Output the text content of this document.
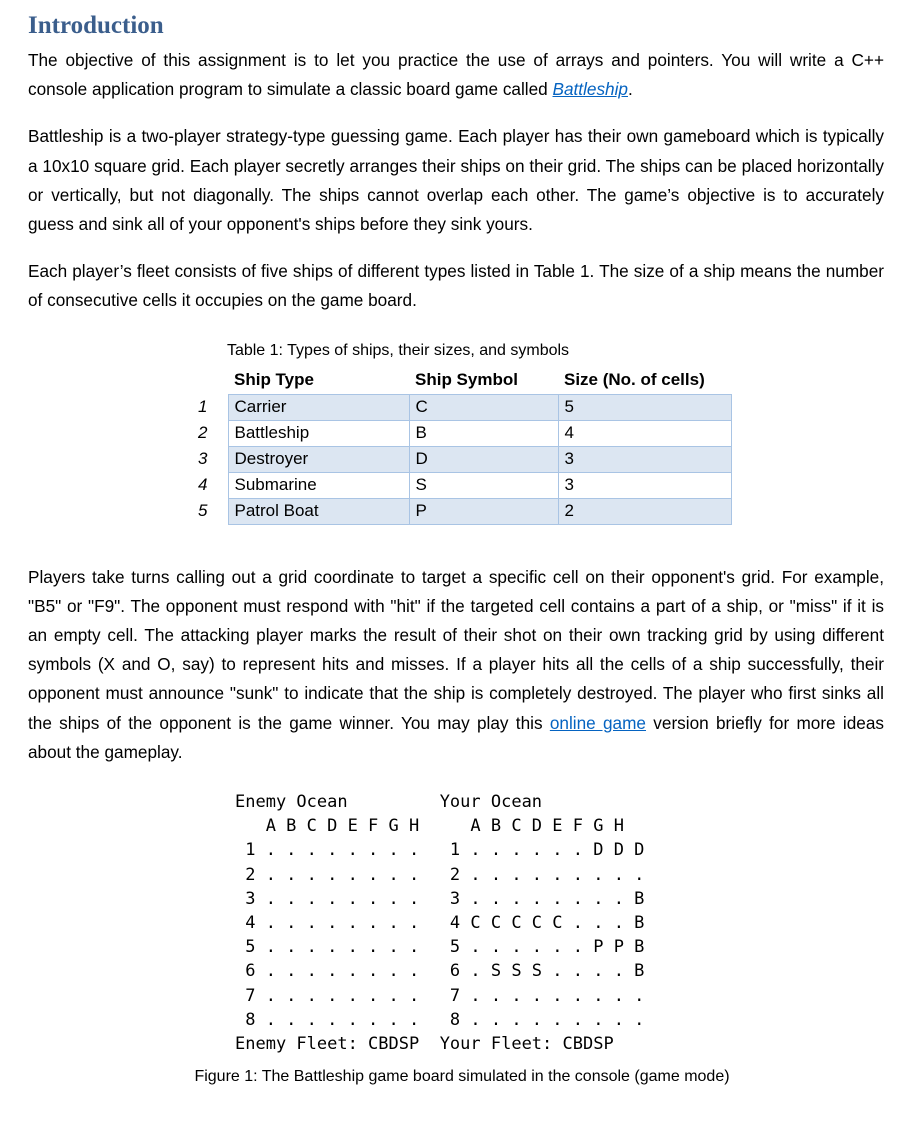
Introduction

The objective of this assignment is to let you practice the use of arrays and pointers. You will write a C++ console application program to simulate a classic board game called Battleship.

Battleship is a two-player strategy-type guessing game. Each player has their own gameboard which is typically a 10x10 square grid. Each player secretly arranges their ships on their grid. The ships can be placed horizontally or vertically, but not diagonally. The ships cannot overlap each other. The game’s objective is to accurately guess and sink all of your opponent's ships before they sink yours.

Each player’s fleet consists of five ships of different types listed in Table 1. The size of a ship means the number of consecutive cells it occupies on the game board.

Table 1: Types of ships, their sizes, and symbols
	Ship Type	Ship Symbol	Size (No. of cells)
1	Carrier	C	5
2	Battleship	B	4
3	Destroyer	D	3
4	Submarine	S	3
5	Patrol Boat	P	2

Players take turns calling out a grid coordinate to target a specific cell on their opponent's grid. For example, "B5" or "F9". The opponent must respond with "hit" if the targeted cell contains a part of a ship, or "miss" if it is an empty cell. The attacking player marks the result of their shot on their own tracking grid by using different symbols (X and O, say) to represent hits and misses. If a player hits all the cells of a ship successfully, their opponent must announce "sunk" to indicate that the ship is completely destroyed. The player who first sinks all the ships of the opponent is the game winner. You may play this online game version briefly for more ideas about the gameplay.

Enemy Ocean         Your Ocean
A B C D E F G H     A B C D E F G H
1 . . . . . . . .   1 . . . . . . D D D
2 . . . . . . . .   2 . . . . . . . . .
3 . . . . . . . .   3 . . . . . . . . B
4 . . . . . . . .   4 C C C C C . . . B
5 . . . . . . . .   5 . . . . . . P P B
6 . . . . . . . .   6 . S S S . . . . B
7 . . . . . . . .   7 . . . . . . . . .
8 . . . . . . . .   8 . . . . . . . . .
Enemy Fleet: CBDSP  Your Fleet: CBDSP
Figure 1: The Battleship game board simulated in the console (game mode)
